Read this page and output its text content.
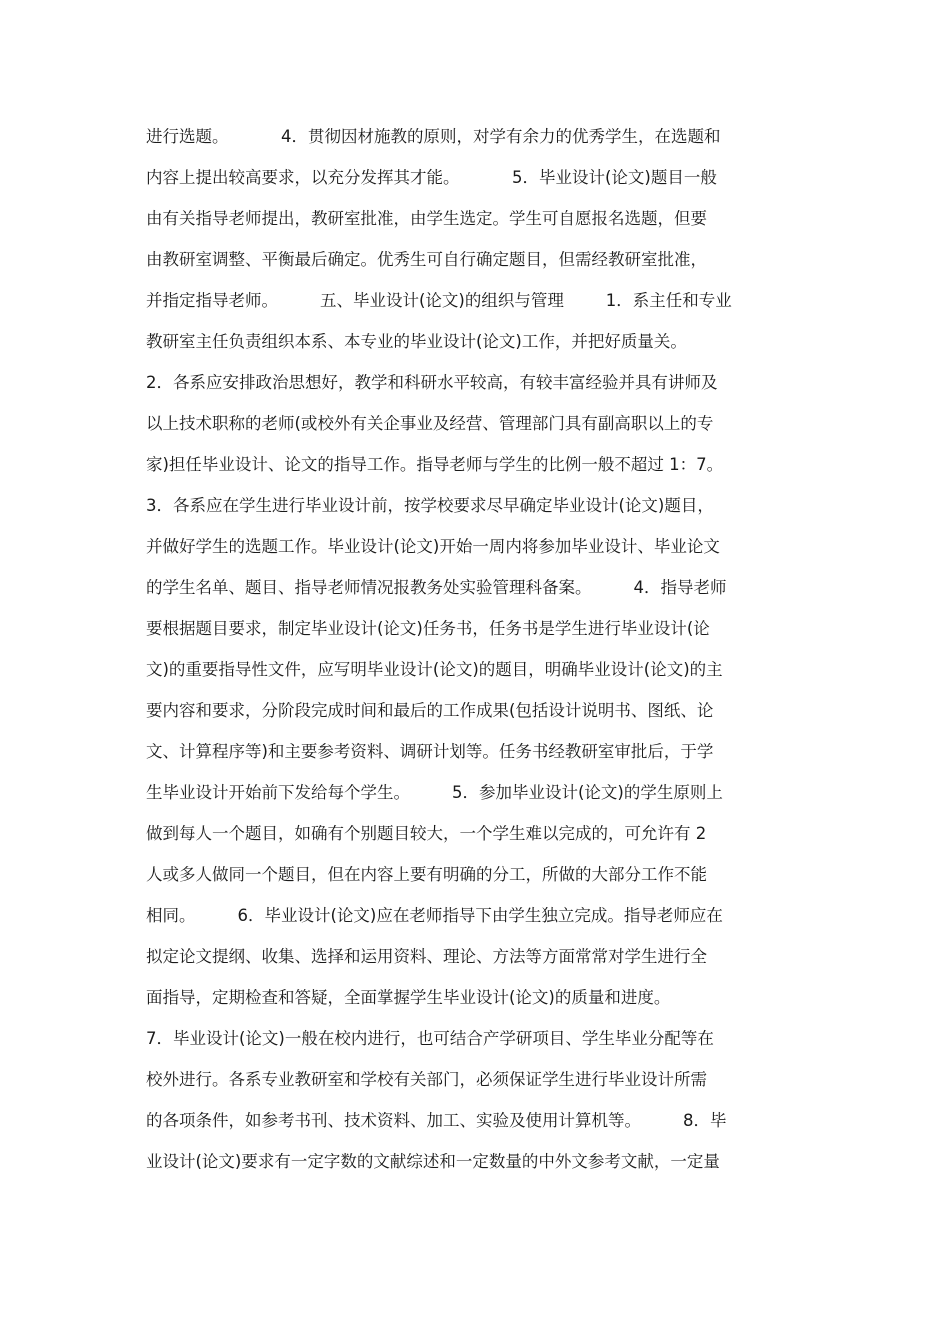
进行选题。          4．贯彻因材施教的原则，对学有余力的优秀学生，在选题和
内容上提出较高要求，以充分发挥其才能。          5．毕业设计(论文)题目一般
由有关指导老师提出，教研室批准，由学生选定。学生可自愿报名选题，但要
由教研室调整、平衡最后确定。优秀生可自行确定题目，但需经教研室批准，
并指定指导老师。        五、毕业设计(论文)的组织与管理        1．系主任和专业
教研室主任负责组织本系、本专业的毕业设计(论文)工作，并把好质量关。
2．各系应安排政治思想好，教学和科研水平较高，有较丰富经验并具有讲师及
以上技术职称的老师(或校外有关企事业及经营、管理部门具有副高职以上的专
家)担任毕业设计、论文的指导工作。指导老师与学生的比例一般不超过 1：7。
3．各系应在学生进行毕业设计前，按学校要求尽早确定毕业设计(论文)题目，
并做好学生的选题工作。毕业设计(论文)开始一周内将参加毕业设计、毕业论文
的学生名单、题目、指导老师情况报教务处实验管理科备案。        4．指导老师
要根据题目要求，制定毕业设计(论文)任务书，任务书是学生进行毕业设计(论
文)的重要指导性文件，应写明毕业设计(论文)的题目，明确毕业设计(论文)的主
要内容和要求，分阶段完成时间和最后的工作成果(包括设计说明书、图纸、论
文、计算程序等)和主要参考资料、调研计划等。任务书经教研室审批后，于学
生毕业设计开始前下发给每个学生。        5．参加毕业设计(论文)的学生原则上
做到每人一个题目，如确有个别题目较大，一个学生难以完成的，可允许有 2
人或多人做同一个题目，但在内容上要有明确的分工，所做的大部分工作不能
相同。        6．毕业设计(论文)应在老师指导下由学生独立完成。指导老师应在
拟定论文提纲、收集、选择和运用资料、理论、方法等方面常常对学生进行全
面指导，定期检查和答疑，全面掌握学生毕业设计(论文)的质量和进度。
7．毕业设计(论文)一般在校内进行，也可结合产学研项目、学生毕业分配等在
校外进行。各系专业教研室和学校有关部门，必须保证学生进行毕业设计所需
的各项条件，如参考书刊、技术资料、加工、实验及使用计算机等。        8．毕
业设计(论文)要求有一定字数的文献综述和一定数量的中外文参考文献，一定量
